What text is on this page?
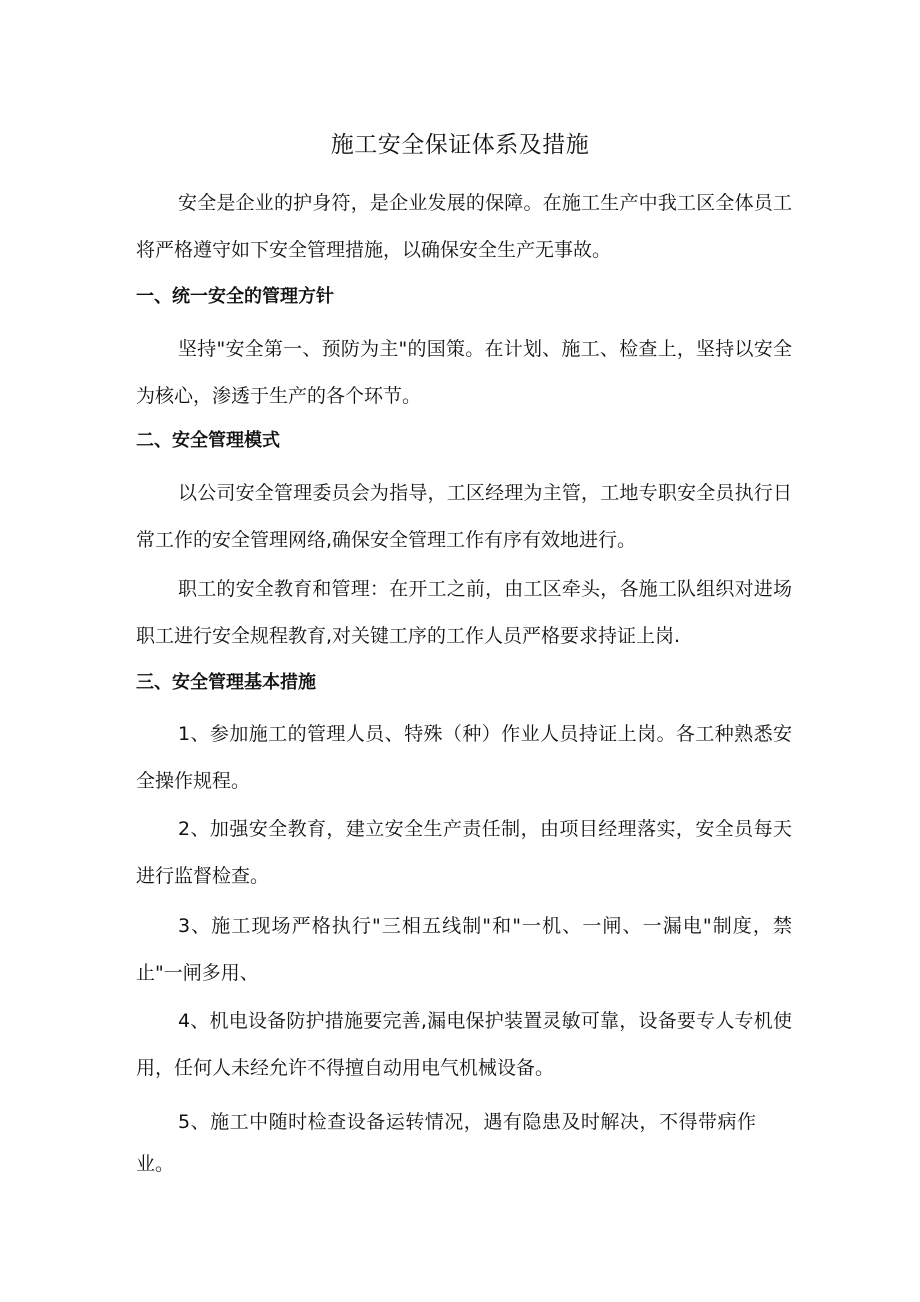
施工安全保证体系及措施
安全是企业的护身符，是企业发展的保障。在施工生产中我工区全体员工将严格遵守如下安全管理措施，以确保安全生产无事故。
一、统一安全的管理方针
坚持"安全第一、预防为主"的国策。在计划、施工、检查上，坚持以安全为核心，渗透于生产的各个环节。
二、安全管理模式
以公司安全管理委员会为指导，工区经理为主管，工地专职安全员执行日常工作的安全管理网络,确保安全管理工作有序有效地进行。
职工的安全教育和管理：在开工之前，由工区牵头，各施工队组织对进场职工进行安全规程教育,对关键工序的工作人员严格要求持证上岗.
三、安全管理基本措施
1、参加施工的管理人员、特殊（种）作业人员持证上岗。各工种熟悉安全操作规程。
2、加强安全教育，建立安全生产责任制，由项目经理落实，安全员每天进行监督检查。
3、施工现场严格执行"三相五线制"和"一机、一闸、一漏电"制度，禁止"一闸多用、
4、机电设备防护措施要完善,漏电保护装置灵敏可靠，设备要专人专机使用，任何人未经允许不得擅自动用电气机械设备。
5、施工中随时检查设备运转情况，遇有隐患及时解决，不得带病作业。
